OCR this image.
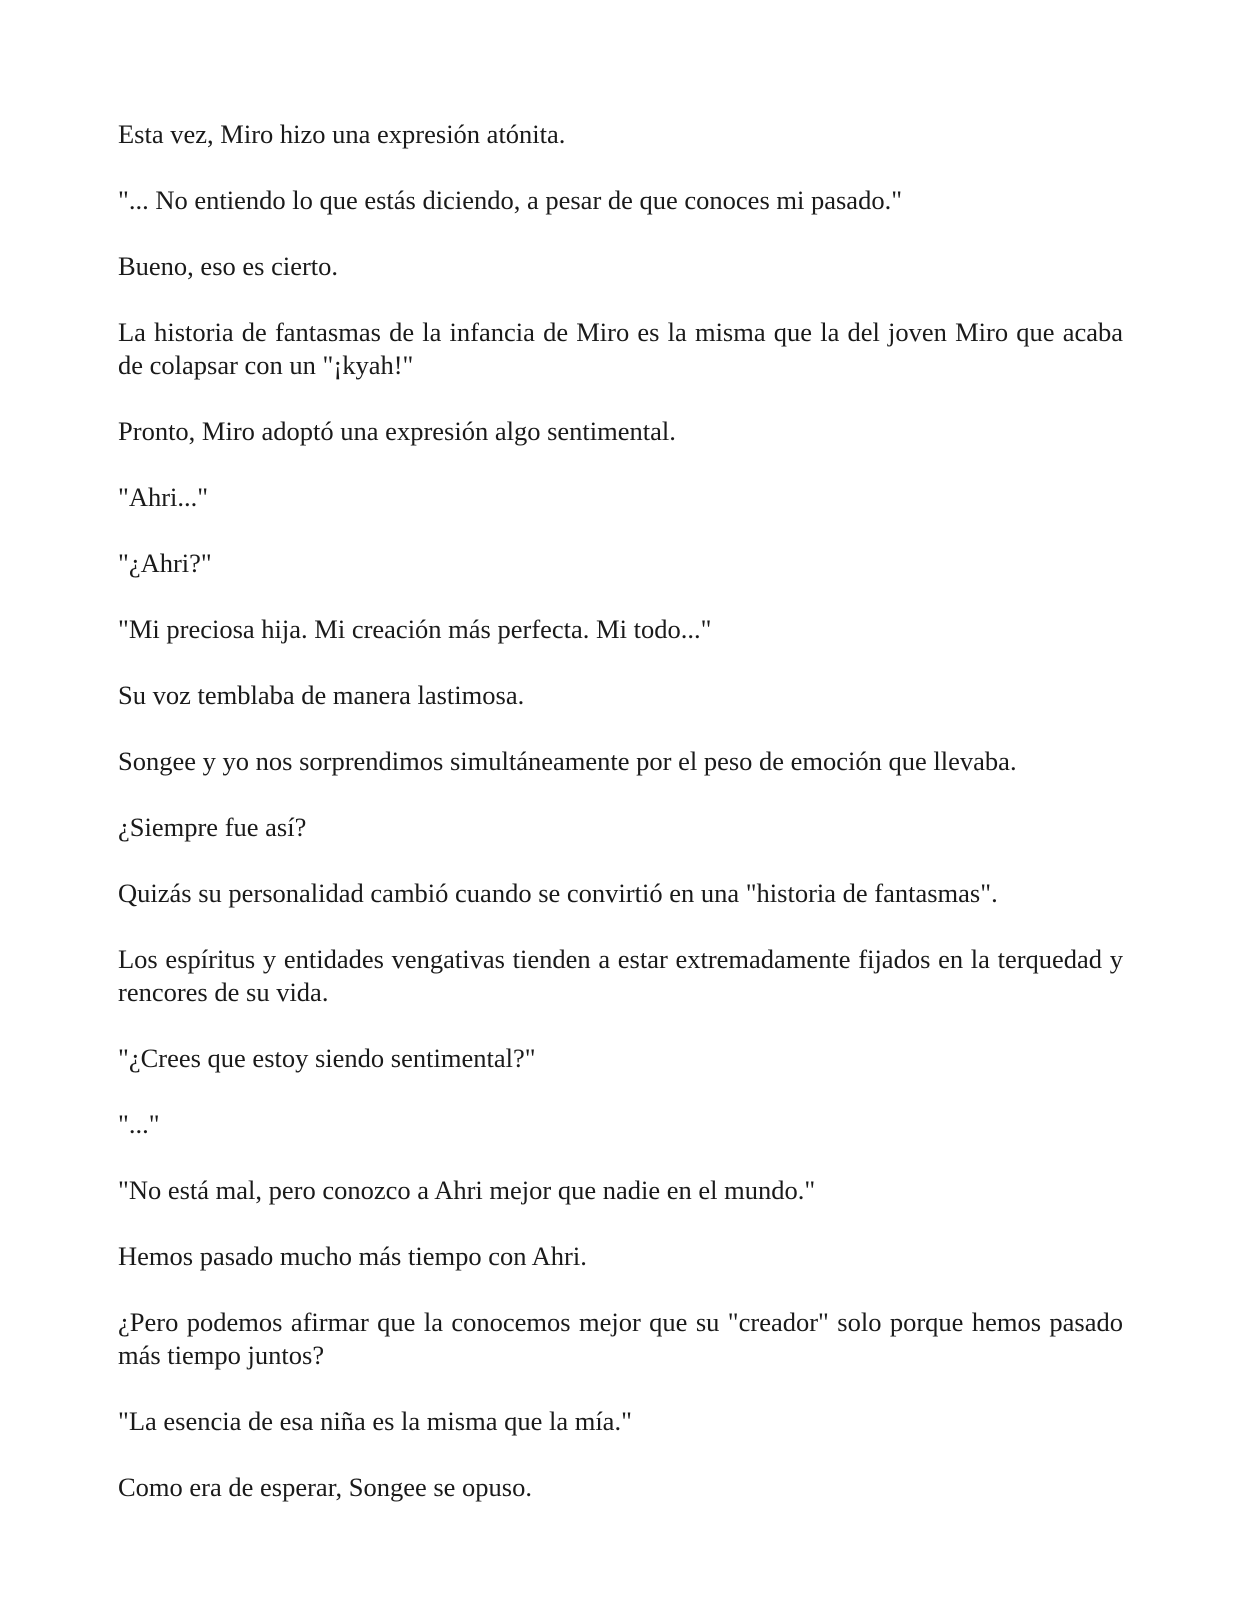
Esta vez, Miro hizo una expresión atónita.

"... No entiendo lo que estás diciendo, a pesar de que conoces mi pasado."

Bueno, eso es cierto.

La historia de fantasmas de la infancia de Miro es la misma que la del joven Miro que acaba de colapsar con un "¡kyah!"

Pronto, Miro adoptó una expresión algo sentimental.

"Ahri..."

"¿Ahri?"

"Mi preciosa hija. Mi creación más perfecta. Mi todo..."

Su voz temblaba de manera lastimosa.

Songee y yo nos sorprendimos simultáneamente por el peso de emoción que llevaba.

¿Siempre fue así?

Quizás su personalidad cambió cuando se convirtió en una "historia de fantasmas".

Los espíritus y entidades vengativas tienden a estar extremadamente fijados en la terquedad y rencores de su vida.

"¿Crees que estoy siendo sentimental?"

"..."

"No está mal, pero conozco a Ahri mejor que nadie en el mundo."

Hemos pasado mucho más tiempo con Ahri.

¿Pero podemos afirmar que la conocemos mejor que su "creador" solo porque hemos pasado más tiempo juntos?

"La esencia de esa niña es la misma que la mía."

Como era de esperar, Songee se opuso.
